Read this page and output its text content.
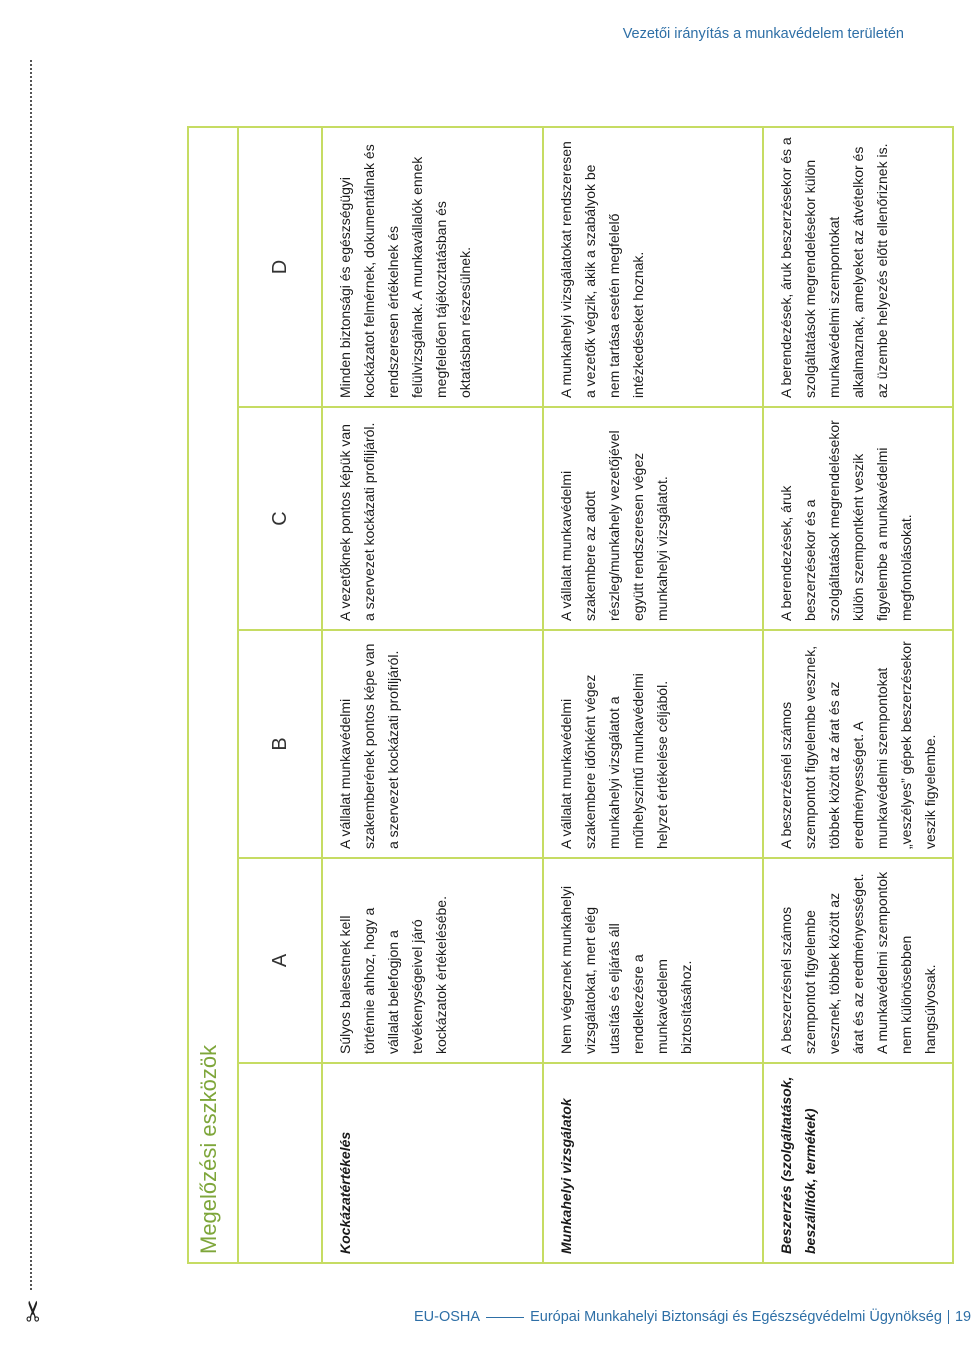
Vezetői irányítás a munkavédelem területén
✂	EU-OSHA	Európai Munkahelyi Biztonsági és Egészségvédelmi Ügynökség 19
Megelőzési eszközök				
	A	B	C	D
Kockázatértékelés	Súlyos balesetnek kell történnie ahhoz, hogy a vállalat belefogjon a tevékenységeivel járó kockázatok értékelésébe.	A vállalat munkavédelmi szakemberének pontos képe van a szervezet kockázati profiljáról.	A vezetőknek pontos képük van a szervezet kockázati profiljáról.	Minden biztonsági és egészségügyi kockázatot felmérnek, dokumentálnak és rendszeresen értékelnek és felülvizsgálnak. A munkavállalók ennek megfelelően tájékoztatásban és oktatásban részesülnek.
Munkahelyi vizsgálatok	Nem végeznek munkahelyi vizsgálatokat, mert elég utasítás és eljárás áll rendelkezésre a munkavédelem biztosításához.	A vállalat munkavédelmi szakembere időnként végez munkahelyi vizsgálatot a műhelyszintű munkavédelmi helyzet értékelése céljából.	A vállalat munkavédelmi szakembere az adott részleg/munkahely vezetőjével együtt rendszeresen végez munkahelyi vizsgálatot.	A munkahelyi vizsgálatokat rendszeresen a vezetők végzik, akik a szabályok be nem tartása esetén megfelelő intézkedéseket hoznak.
Beszerzés (szolgáltatások, beszállítók, termékek)	A beszerzésnél számos szempontot figyelembe vesznek, többek között az árat és az eredményességet. A munkavédelmi szempontok nem különösebben hangsúlyosak.	A beszerzésnél számos szempontot figyelembe vesznek, többek között az árat és az eredményességet. A munkavédelmi szempontokat „veszélyes” gépek beszerzésekor veszik figyelembe.	A berendezések, áruk beszerzésekor és a szolgáltatások megrendelésekor külön szempontként veszik figyelembe a munkavédelmi megfontolásokat.	A berendezések, áruk beszerzésekor és a szolgáltatások megrendelésekor külön munkavédelmi szempontokat alkalmaznak, amelyeket az átvételkor és az üzembe helyezés előtt ellenőriznek is.
